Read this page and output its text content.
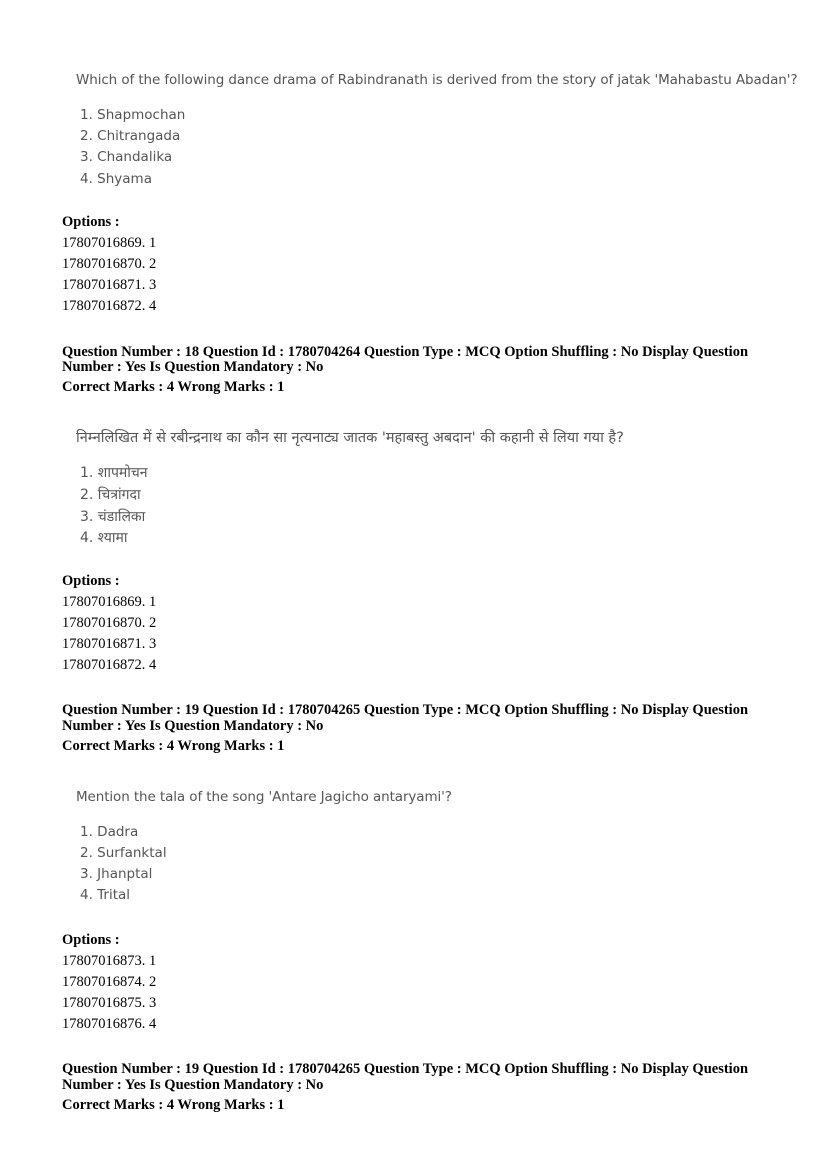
Which of the following dance drama of Rabindranath is derived from the story of jatak 'Mahabastu Abadan'?
1. Shapmochan
2. Chitrangada
3. Chandalika
4. Shyama
Options :
17807016869. 1
17807016870. 2
17807016871. 3
17807016872. 4
Question Number : 18 Question Id : 1780704264 Question Type : MCQ Option Shuffling : No Display Question
Number : Yes Is Question Mandatory : No
Correct Marks : 4 Wrong Marks : 1
निम्नलिखित में से रबीन्द्रनाथ का कौन सा नृत्यनाट्य जातक 'महाबस्तु अबदान' की कहानी से लिया गया है?
1. शापमोचन
2. चित्रांगदा
3. चंडालिका
4. श्यामा
Options :
17807016869. 1
17807016870. 2
17807016871. 3
17807016872. 4
Question Number : 19 Question Id : 1780704265 Question Type : MCQ Option Shuffling : No Display Question
Number : Yes Is Question Mandatory : No
Correct Marks : 4 Wrong Marks : 1
Mention the tala of the song 'Antare Jagicho antaryami'?
1. Dadra
2. Surfanktal
3. Jhanptal
4. Trital
Options :
17807016873. 1
17807016874. 2
17807016875. 3
17807016876. 4
Question Number : 19 Question Id : 1780704265 Question Type : MCQ Option Shuffling : No Display Question
Number : Yes Is Question Mandatory : No
Correct Marks : 4 Wrong Marks : 1
